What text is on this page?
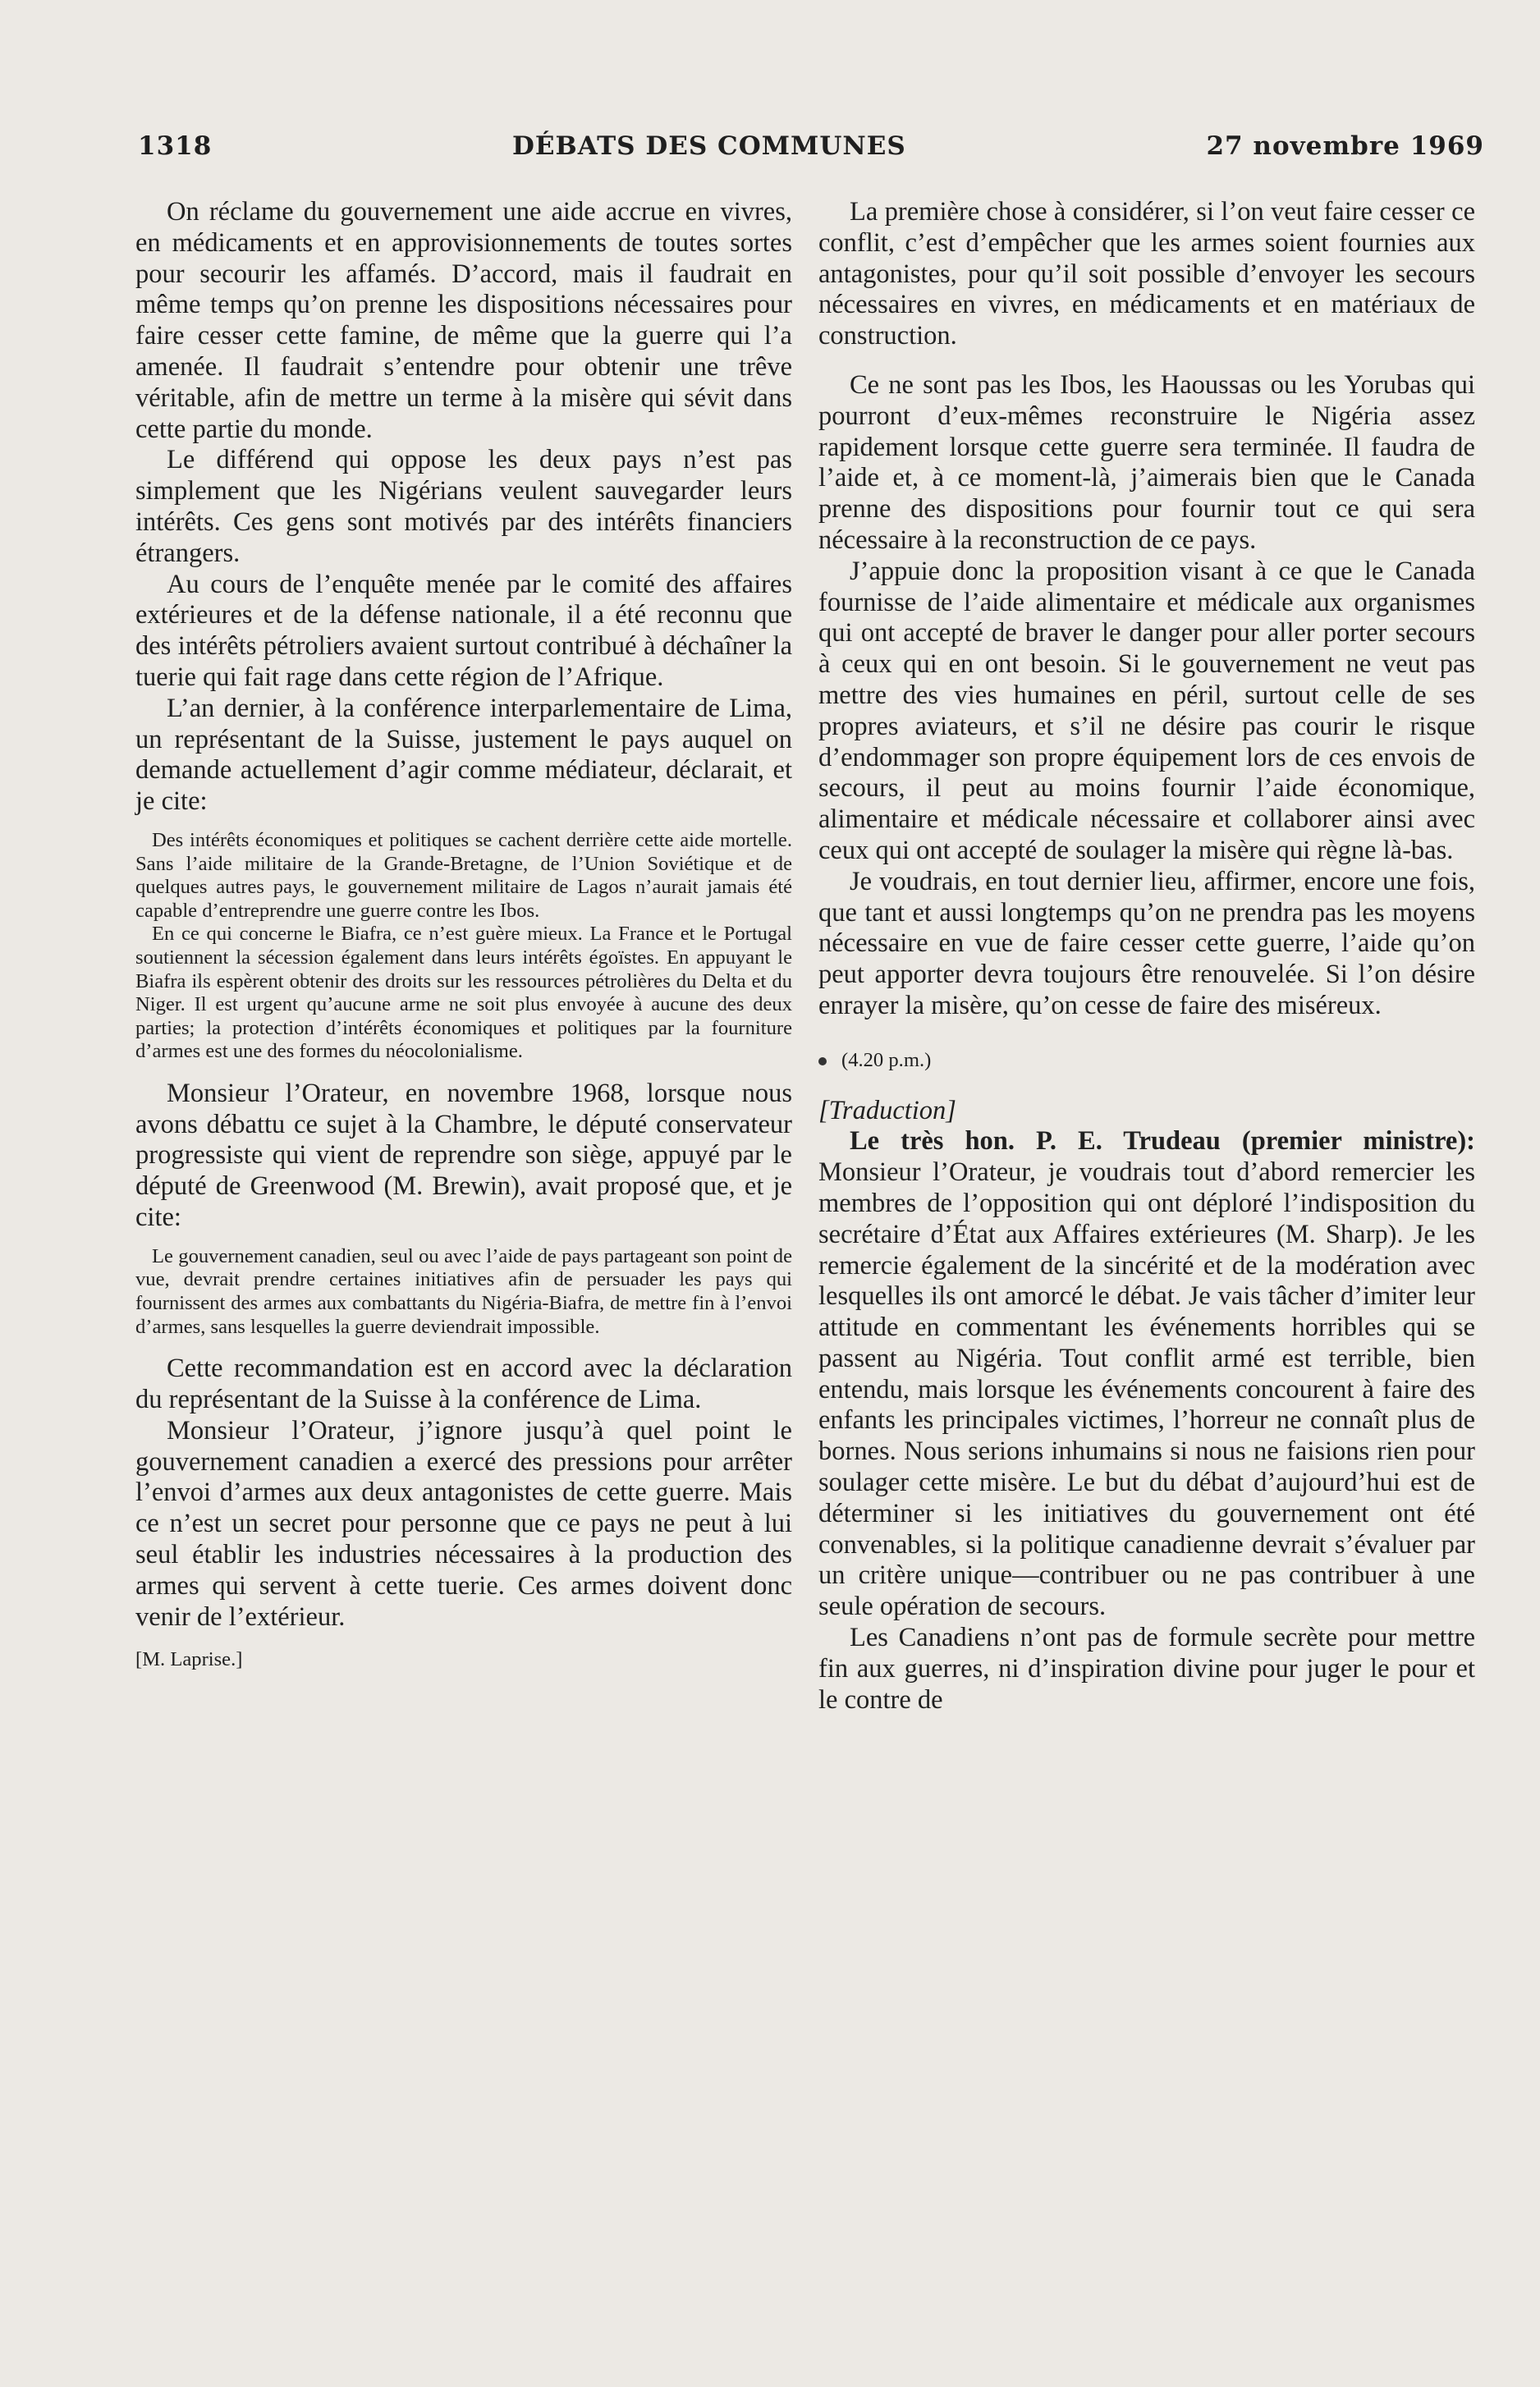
1318	DÉBATS DES COMMUNES	27 novembre 1969

On réclame du gouvernement une aide accrue en vivres, en médicaments et en approvisionnements de toutes sortes pour secourir les affamés. D’accord, mais il faudrait en même temps qu’on prenne les dispositions nécessaires pour faire cesser cette famine, de même que la guerre qui l’a amenée. Il faudrait s’entendre pour obtenir une trêve véritable, afin de mettre un terme à la misère qui sévit dans cette partie du monde.

Le différend qui oppose les deux pays n’est pas simplement que les Nigérians veulent sauvegarder leurs intérêts. Ces gens sont motivés par des intérêts financiers étrangers.

Au cours de l’enquête menée par le comité des affaires extérieures et de la défense nationale, il a été reconnu que des intérêts pétroliers avaient surtout contribué à déchaîner la tuerie qui fait rage dans cette région de l’Afrique.

L’an dernier, à la conférence interparlementaire de Lima, un représentant de la Suisse, justement le pays auquel on demande actuellement d’agir comme médiateur, déclarait, et je cite:

Des intérêts économiques et politiques se cachent derrière cette aide mortelle. Sans l’aide militaire de la Grande-Bretagne, de l’Union Soviétique et de quelques autres pays, le gouvernement militaire de Lagos n’aurait jamais été capable d’entreprendre une guerre contre les Ibos.

En ce qui concerne le Biafra, ce n’est guère mieux. La France et le Portugal soutiennent la sécession également dans leurs intérêts égoïstes. En appuyant le Biafra ils espèrent obtenir des droits sur les ressources pétrolières du Delta et du Niger. Il est urgent qu’aucune arme ne soit plus envoyée à aucune des deux parties; la protection d’intérêts économiques et politiques par la fourniture d’armes est une des formes du néocolonialisme.

Monsieur l’Orateur, en novembre 1968, lorsque nous avons débattu ce sujet à la Chambre, le député conservateur progressiste qui vient de reprendre son siège, appuyé par le député de Greenwood (M. Brewin), avait proposé que, et je cite:

Le gouvernement canadien, seul ou avec l’aide de pays partageant son point de vue, devrait prendre certaines initiatives afin de persuader les pays qui fournissent des armes aux combattants du Nigéria-Biafra, de mettre fin à l’envoi d’armes, sans lesquelles la guerre deviendrait impossible.

Cette recommandation est en accord avec la déclaration du représentant de la Suisse à la conférence de Lima.

Monsieur l’Orateur, j’ignore jusqu’à quel point le gouvernement canadien a exercé des pressions pour arrêter l’envoi d’armes aux deux antagonistes de cette guerre. Mais ce n’est un secret pour personne que ce pays ne peut à lui seul établir les industries nécessaires à la production des armes qui servent à cette tuerie. Ces armes doivent donc venir de l’extérieur.

[M. Laprise.]

La première chose à considérer, si l’on veut faire cesser ce conflit, c’est d’empêcher que les armes soient fournies aux antagonistes, pour qu’il soit possible d’envoyer les secours nécessaires en vivres, en médicaments et en matériaux de construction.

Ce ne sont pas les Ibos, les Haoussas ou les Yorubas qui pourront d’eux-mêmes reconstruire le Nigéria assez rapidement lorsque cette guerre sera terminée. Il faudra de l’aide et, à ce moment-là, j’aimerais bien que le Canada prenne des dispositions pour fournir tout ce qui sera nécessaire à la reconstruction de ce pays.

J’appuie donc la proposition visant à ce que le Canada fournisse de l’aide alimentaire et médicale aux organismes qui ont accepté de braver le danger pour aller porter secours à ceux qui en ont besoin. Si le gouvernement ne veut pas mettre des vies humaines en péril, surtout celle de ses propres aviateurs, et s’il ne désire pas courir le risque d’endommager son propre équipement lors de ces envois de secours, il peut au moins fournir l’aide économique, alimentaire et médicale nécessaire et collaborer ainsi avec ceux qui ont accepté de soulager la misère qui règne là-bas.

Je voudrais, en tout dernier lieu, affirmer, encore une fois, que tant et aussi longtemps qu’on ne prendra pas les moyens nécessaire en vue de faire cesser cette guerre, l’aide qu’on peut apporter devra toujours être renouvelée. Si l’on désire enrayer la misère, qu’on cesse de faire des miséreux.

(4.20 p.m.)

[Traduction]

Le très hon. P. E. Trudeau (premier ministre): Monsieur l’Orateur, je voudrais tout d’abord remercier les membres de l’opposition qui ont déploré l’indisposition du secrétaire d’État aux Affaires extérieures (M. Sharp). Je les remercie également de la sincérité et de la modération avec lesquelles ils ont amorcé le débat. Je vais tâcher d’imiter leur attitude en commentant les événements horribles qui se passent au Nigéria. Tout conflit armé est terrible, bien entendu, mais lorsque les événements concourent à faire des enfants les principales victimes, l’horreur ne connaît plus de bornes. Nous serions inhumains si nous ne faisions rien pour soulager cette misère. Le but du débat d’aujourd’hui est de déterminer si les initiatives du gouvernement ont été convenables, si la politique canadienne devrait s’évaluer par un critère unique—contribuer ou ne pas contribuer à une seule opération de secours.

Les Canadiens n’ont pas de formule secrète pour mettre fin aux guerres, ni d’inspiration divine pour juger le pour et le contre de
